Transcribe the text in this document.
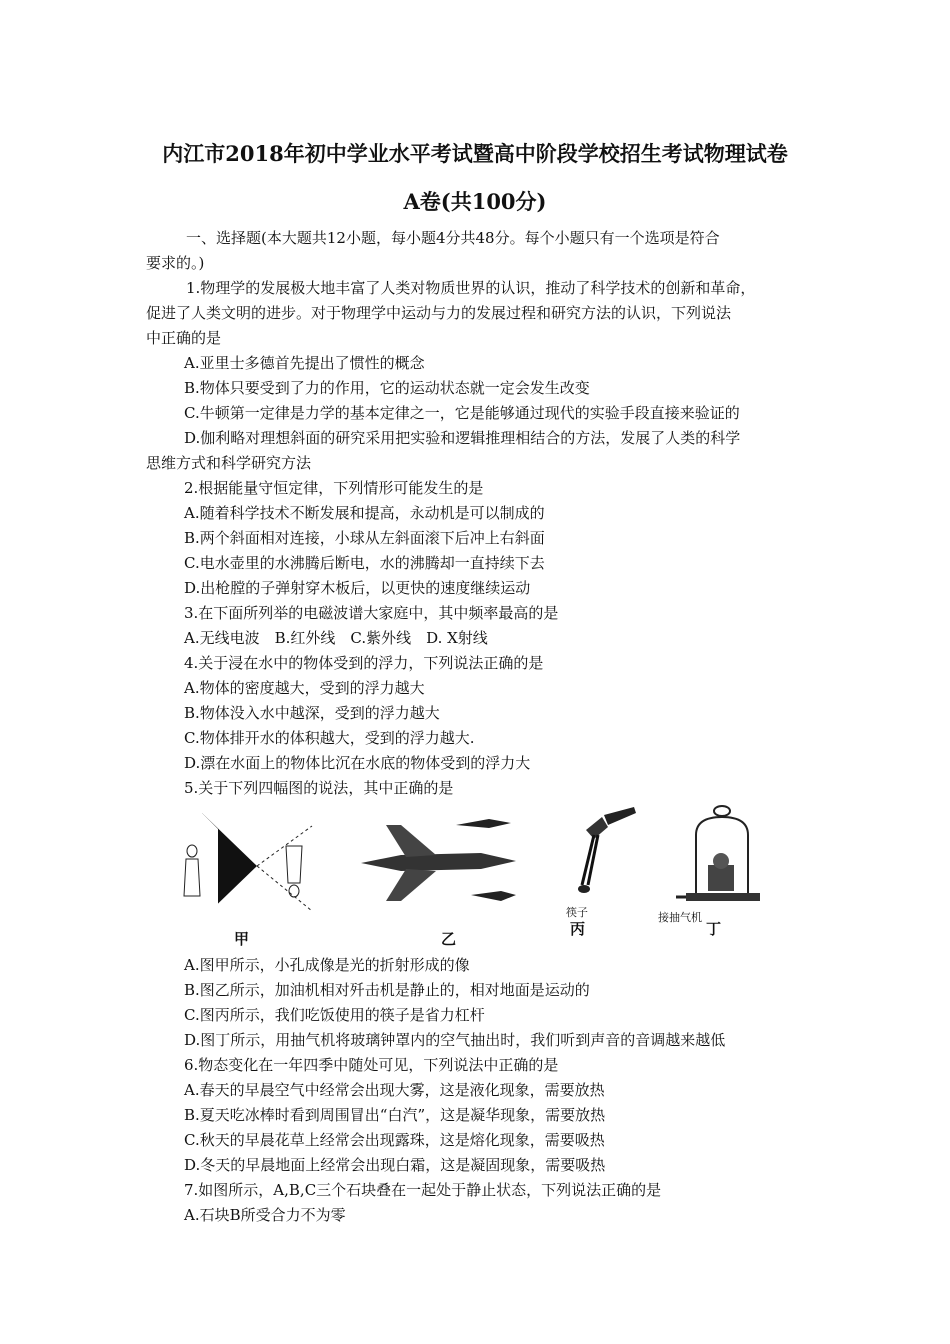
内江市2018年初中学业水平考试暨高中阶段学校招生考试物理试卷
A卷(共100分)
一、选择题(本大题共12小题，每小题4分共48分。每个小题只有一个选项是符合
要求的。)
1.物理学的发展极大地丰富了人类对物质世界的认识，推动了科学技术的创新和革命，
促进了人类文明的进步。对于物理学中运动与力的发展过程和研究方法的认识，下列说法
中正确的是
A.亚里士多德首先提出了惯性的概念
B.物体只要受到了力的作用，它的运动状态就一定会发生改变
C.牛顿第一定律是力学的基本定律之一，它是能够通过现代的实验手段直接来验证的
D.伽利略对理想斜面的研究采用把实验和逻辑推理相结合的方法，发展了人类的科学
思维方式和科学研究方法
2.根据能量守恒定律，下列情形可能发生的是
A.随着科学技术不断发展和提高，永动机是可以制成的
B.两个斜面相对连接，小球从左斜面滚下后冲上右斜面
C.电水壶里的水沸腾后断电，水的沸腾却一直持续下去
D.出枪膛的子弹射穿木板后，以更快的速度继续运动
3.在下面所列举的电磁波谱大家庭中，其中频率最高的是
A.无线电波　B.红外线　C.紫外线　D. X射线
4.关于浸在水中的物体受到的浮力，下列说法正确的是
A.物体的密度越大，受到的浮力越大
B.物体没入水中越深，受到的浮力越大
C.物体排开水的体积越大，受到的浮力越大.
D.漂在水面上的物体比沉在水底的物体受到的浮力大
5.关于下列四幅图的说法，其中正确的是
甲	乙
筷子
丙
接抽气机
丁
A.图甲所示，小孔成像是光的折射形成的像
B.图乙所示，加油机相对歼击机是静止的，相对地面是运动的
C.图丙所示，我们吃饭使用的筷子是省力杠杆
D.图丁所示，用抽气机将玻璃钟罩内的空气抽出时，我们听到声音的音调越来越低
6.物态变化在一年四季中随处可见，下列说法中正确的是
A.春天的早晨空气中经常会出现大雾，这是液化现象，需要放热
B.夏天吃冰棒时看到周围冒出“白汽”，这是凝华现象，需要放热
C.秋天的早晨花草上经常会出现露珠，这是熔化现象，需要吸热
D.冬天的早晨地面上经常会出现白霜，这是凝固现象，需要吸热
7.如图所示，A,B,C三个石块叠在一起处于静止状态，下列说法正确的是
A.石块B所受合力不为零
